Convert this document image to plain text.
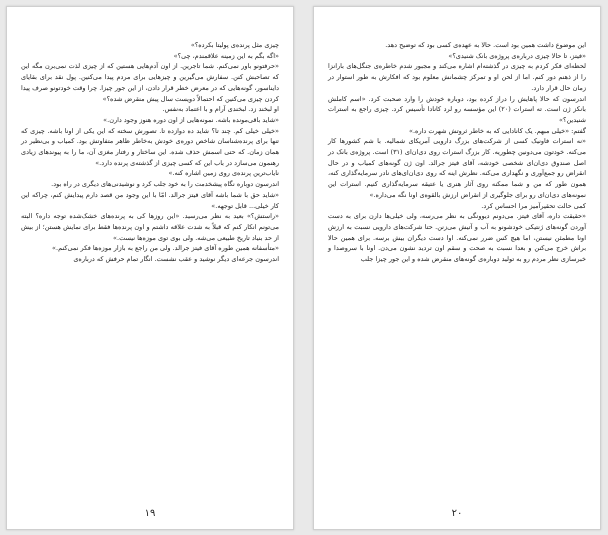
چیزی مثل پرنده‌ی پولیتا بکرده؟»

«اگه بگم به این زمینه علاقمندم، چی؟»

«حرفتونو باور نمی‌کنم. شما تاجرین. از اون آدم‌هایی هستین که از چیزی لذت نمی‌برن مگه این که تصاحبش کنن. سفارش می‌گیرین و چیزهایی برای مردم پیدا می‌کنین. پول نقد برای بقایای دایناسور، گونه‌هایی که در معرض خطر قرار دادن، از این جور چیزا. چرا وقت خودتونو صرف پیدا کردن چیزی می‌کنین که احتمالاً دویست سال پیش منقرض شده؟»

او لبخند زد. لبخندی آرام و با اعتماد به‌نفس.

«شاید باقی‌مونده باشه. نمونه‌هایی از اون دوره هنوز وجود دارن.»

«خیلی خیلی کم. چند تا؟ شاید ده دوازده تا. تصورش سخته که این یکی از اونا باشه. چیزی که تنها برای پرنده‌شناسان شاخص دوره‌ی خودش به‌خاطر ظاهر متفاوتش بود. کمیاب و بی‌نظیر در همان زمان. که حتی اسمش حذف شده. این ساختار و رفتار مغزی آن، ما را به پیوندهای زیادی رهنمون می‌سازد در باب این که کسی چیزی از گذشته‌ی پرنده دارد.»

نایاب‌ترین پرنده‌ی روی زمین اشاره کنه.»

اندرسون دوباره نگاه پیشخدمت را به خود جلب کرد و نوشیدنی‌های دیگری در راه بود.

«شاید حق با شما باشه آقای فیتز جرالد. امّا با این وجود من قصد دارم پیدایش کنم، چرا‌که این کار خیلی... قابل توجهه.»

«راستش؟» بعید به نظر می‌رسید. «این روزها کی به پرنده‌های خشک‌شده توجه داره؟ البته می‌تونم انکار کنم که قبلاً به شدت علاقه داشتم و اون پرنده‌ها فقط برای نمایش هستن؛ از بیش از حد بنیاد تاریخ طبیعی می‌شه. ولی بوی توی موزه‌ها نیست.»

«متأسفانه همین طوره آقای فیتز جرالد. ولی من راجع به بازار موزه‌ها فکر نمی‌کنم.»

اندرسون جرعه‌ای دیگر نوشید و عقب نشست. انگار تمام حرفش که درباره‌ی

۱۹

این موضوع داشت همین بود است. حالا به عهده‌ی کسی بود که توضیح دهد.

«فیتز، تا حالا چیزی درباره‌ی پروژه‌ی بانک شنیدی؟»

لحظه‌ای فکر کردم به چیزی در گذشته‌ام اشاره می‌کند و مجبور شدم خاطره‌ی جنگل‌های بارانزا را از ذهنم دور کنم. اما از لحن او و تمرکز چشمانش معلوم بود که افکارش به طور استوار در زمان حال قرار دارد.

اندرسون که حالا پاهایش را دراز کرده بود، دوباره خودش را وارد صحبت کرد. «اسم کاملش بانکز ژن است. ته استرات (۲۰) این مؤسسه رو لرد کانادا تأسیس کرد. چیزی راجع به استرات شنیدین؟»

گفتم: «خیلی مبهم. یک کانادایی که به خاطر ثروتش شهرت داره.»

«نه استرات فاونیک کسی از شرکت‌های بزرگ دارویی آمریکای شمالیه. با شم کشورها کار می‌کنه. خودتون می‌دونین چطوریه. کار بزرگ استرات روی دی‌ان‌ای (۳۱) است. پروژه‌ی بانک در اصل صندوق دی‌ان‌ای شخصی خودشه، آقای فیتز جرالد. اون ژن گونه‌های کمیاب و در حال انقراض رو جمع‌آوری و نگهداری می‌کنه. نظرش اینه که روی دی‌ان‌ای‌های نادر سرمایه‌گذاری کنه، همون طور که من و شما ممکنه روی آثار هنری یا عتیقه سرمایه‌گذاری کنیم. استرات این نمونه‌های دی‌ان‌ای رو برای جلوگیری از انقراض ارزش بالقوه‌ی اونا نگه می‌داره.»

کمی حالت تحقیرآمیز مرا احساس کرد.

«حقیقت داره، آقای فیتز. می‌دونم دیوونگی به نظر می‌رسه، ولی خیلی‌ها دارن برای به دست آوردن گونه‌های ژنتیکی خودشونو به آب و آتیش می‌زنن. حتا شرکت‌های دارویی نسبت به ارزش اونا مطمئن نیستن، اما هیچ کس ضرر نمی‌کنه. اوا دست دیگران بیش برسه. برای همین حالا براش خرج می‌کنن و بعدا نسبت به صحت و سقم اون تردید نشون می‌دن. اونا با سروصدا و خبرسازی نظر مردم رو به تولید دوباره‌ی گونه‌های منقرض شده و این جور چیزا جلب

۲۰
